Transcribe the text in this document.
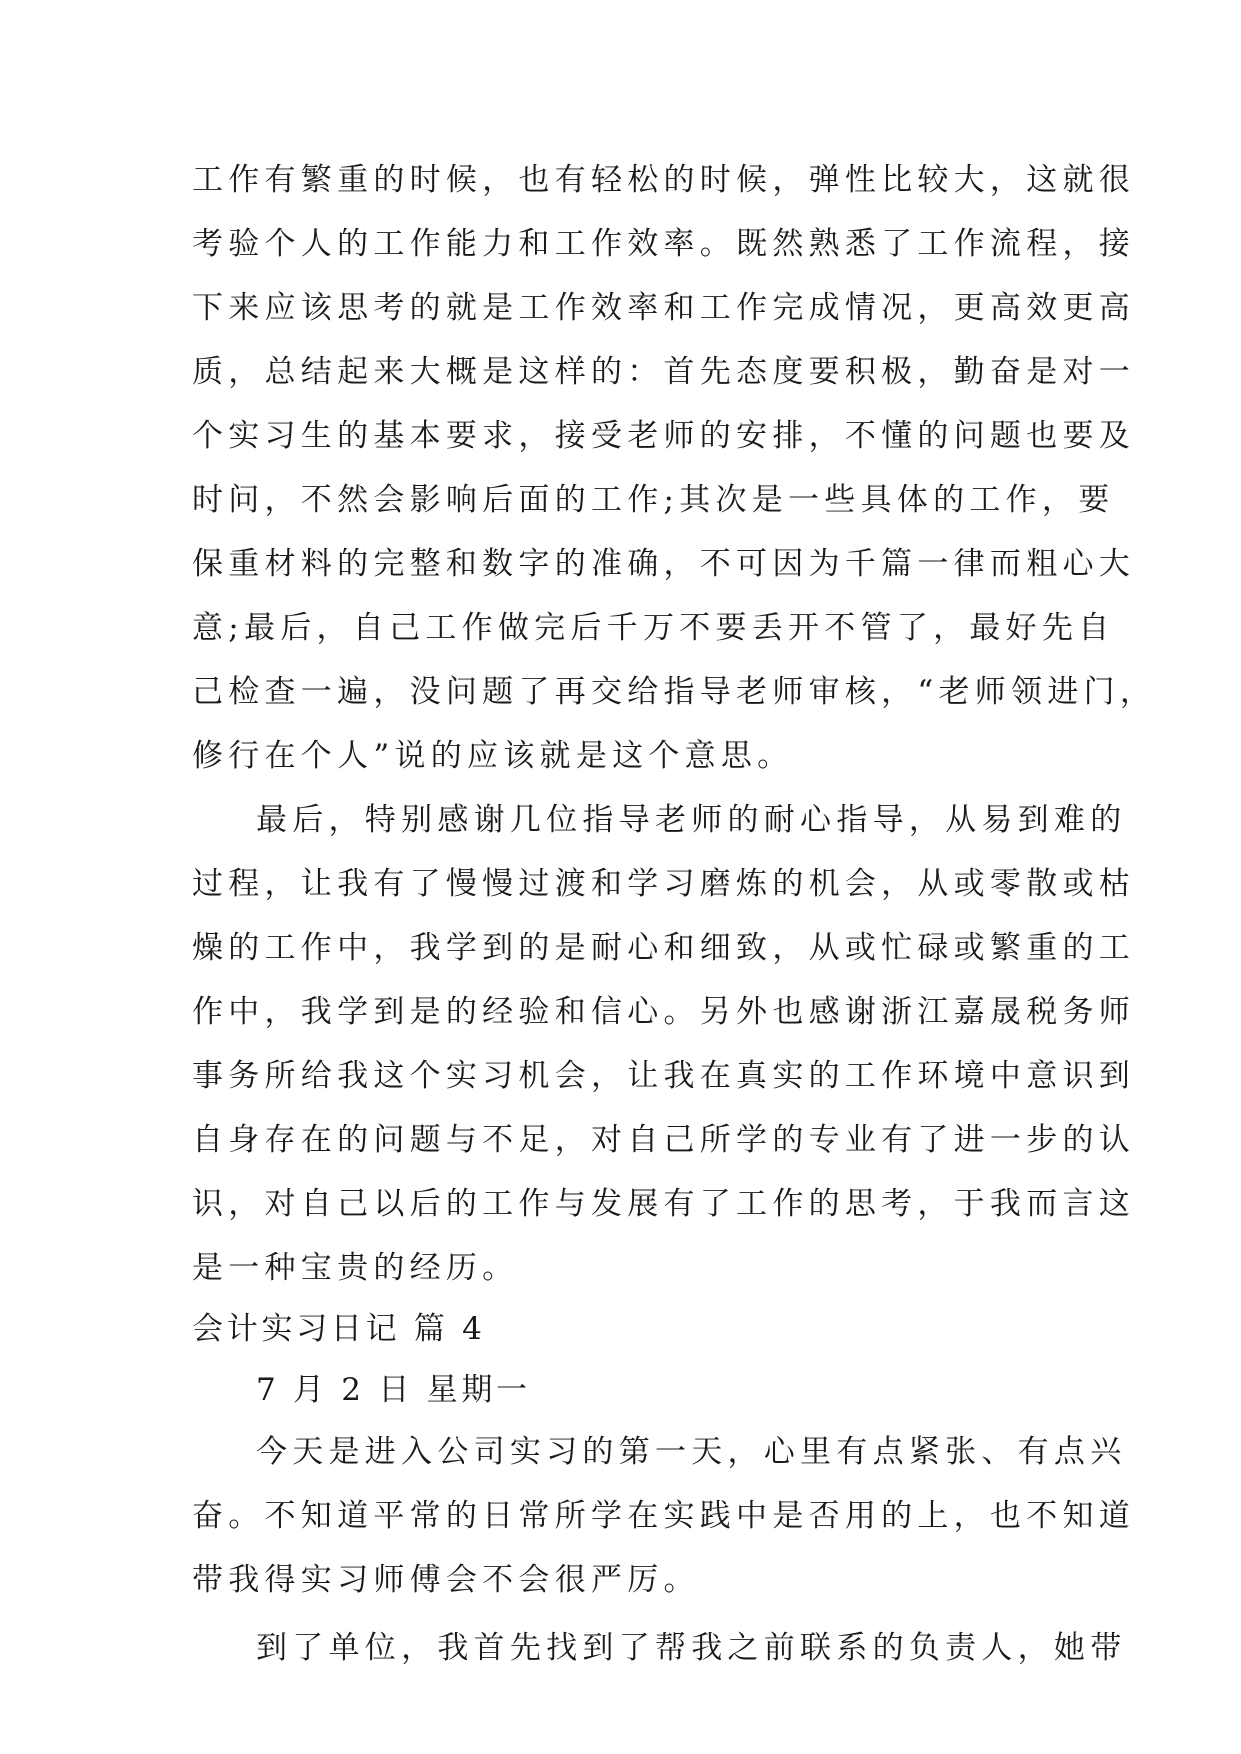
工作有繁重的时候，也有轻松的时候，弹性比较大，这就很
考验个人的工作能力和工作效率。既然熟悉了工作流程，接
下来应该思考的就是工作效率和工作完成情况，更高效更高
质，总结起来大概是这样的：首先态度要积极，勤奋是对一
个实习生的基本要求，接受老师的安排，不懂的问题也要及
时问，不然会影响后面的工作;其次是一些具体的工作，要
保重材料的完整和数字的准确，不可因为千篇一律而粗心大
意;最后，自己工作做完后千万不要丢开不管了，最好先自
己检查一遍，没问题了再交给指导老师审核，“老师领进门，
修行在个人”说的应该就是这个意思。
最后，特别感谢几位指导老师的耐心指导，从易到难的
过程，让我有了慢慢过渡和学习磨炼的机会，从或零散或枯
燥的工作中，我学到的是耐心和细致，从或忙碌或繁重的工
作中，我学到是的经验和信心。另外也感谢浙江嘉晟税务师
事务所给我这个实习机会，让我在真实的工作环境中意识到
自身存在的问题与不足，对自己所学的专业有了进一步的认
识，对自己以后的工作与发展有了工作的思考，于我而言这
是一种宝贵的经历。
会计实习日记 篇 4
7 月 2 日 星期一
今天是进入公司实习的第一天，心里有点紧张、有点兴
奋。不知道平常的日常所学在实践中是否用的上，也不知道
带我得实习师傅会不会很严厉。
到了单位，我首先找到了帮我之前联系的负责人，她带
